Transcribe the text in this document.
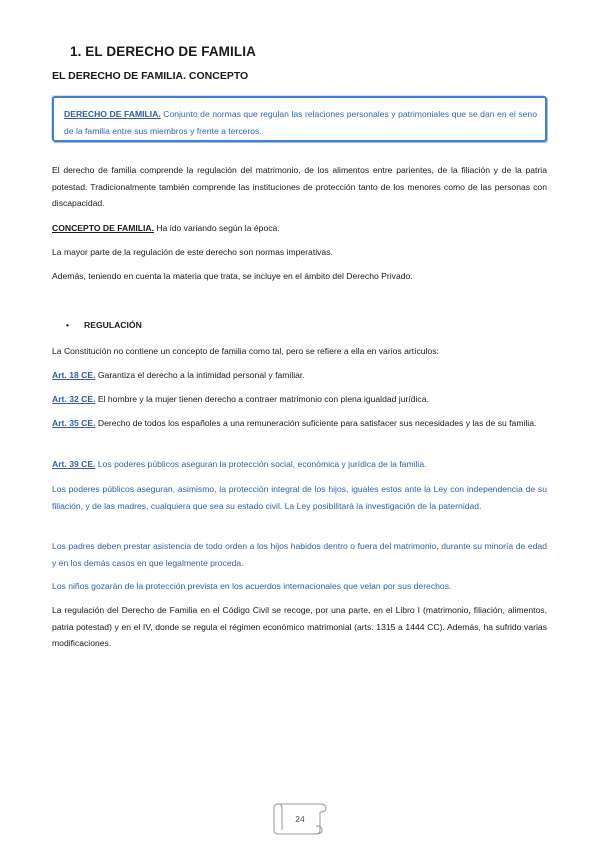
1. EL DERECHO DE FAMILIA
EL DERECHO DE FAMILIA. CONCEPTO
DERECHO DE FAMILIA. Conjunto de normas que regulan las relaciones personales y patrimoniales que se dan en el seno de la familia entre sus miembros y frente a terceros.
El derecho de familia comprende la regulación del matrimonio, de los alimentos entre parientes, de la filiación y de la patria potestad. Tradicionalmente también comprende las instituciones de protección tanto de los menores como de las personas con discapacidad.
CONCEPTO DE FAMILIA. Ha ido variando según la época.
La mayor parte de la regulación de este derecho son normas imperativas.
Además, teniendo en cuenta la materia que trata, se incluye en el ámbito del Derecho Privado.
• REGULACIÓN
La Constitución no contiene un concepto de familia como tal, pero se refiere a ella en varios artículos:
Art. 18 CE. Garantiza el derecho a la intimidad personal y familiar.
Art. 32 CE. El hombre y la mujer tienen derecho a contraer matrimonio con plena igualdad jurídica.
Art. 35 CE. Derecho de todos los españoles a una remuneración suficiente para satisfacer sus necesidades y las de su familia.
Art. 39 CE. Los poderes públicos aseguran la protección social, económica y jurídica de la familia.
Los poderes públicos aseguran, asimismo, la protección integral de los hijos, iguales estos ante la Ley con independencia de su filiación, y de las madres, cualquiera que sea su estado civil. La Ley posibilitará la investigación de la paternidad.
Los padres deben prestar asistencia de todo orden a los hijos habidos dentro o fuera del matrimonio, durante su minoría de edad y en los demás casos en que legalmente proceda.
Los niños gozarán de la protección prevista en los acuerdos internacionales que velan por sus derechos.
La regulación del Derecho de Familia en el Código Civil se recoge, por una parte, en el Libro I (matrimonio, filiación, alimentos, patria potestad) y en el IV, donde se regula el régimen económico matrimonial (arts. 1315 a 1444 CC). Además, ha sufrido varias modificaciones.
24
